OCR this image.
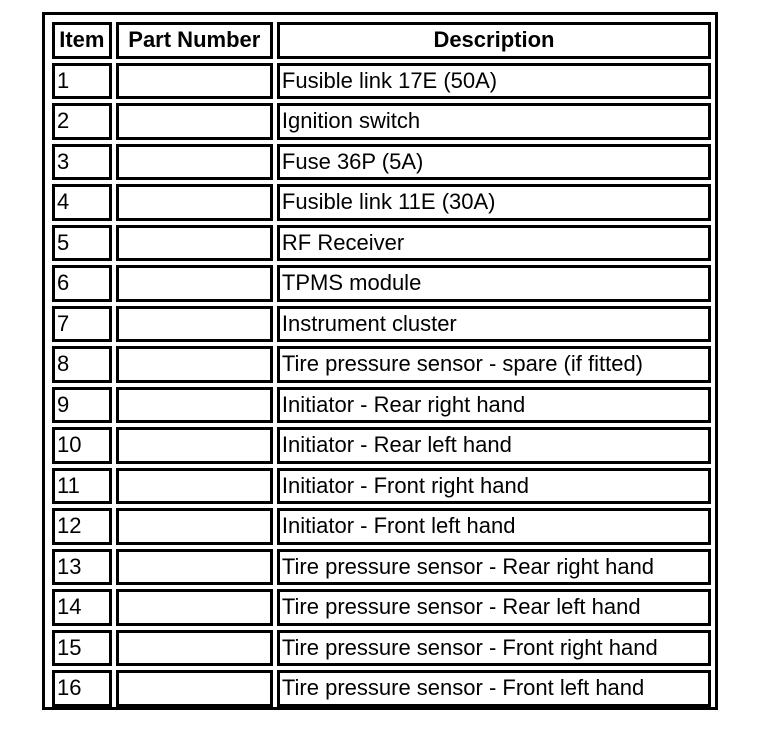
Item	Part Number	Description
1		Fusible link 17E (50A)
2		Ignition switch
3		Fuse 36P (5A)
4		Fusible link 11E (30A)
5		RF Receiver
6		TPMS module
7		Instrument cluster
8		Tire pressure sensor - spare (if fitted)
9		Initiator - Rear right hand
10		Initiator - Rear left hand
11		Initiator - Front right hand
12		Initiator - Front left hand
13		Tire pressure sensor - Rear right hand
14		Tire pressure sensor - Rear left hand
15		Tire pressure sensor - Front right hand
16		Tire pressure sensor - Front left hand
